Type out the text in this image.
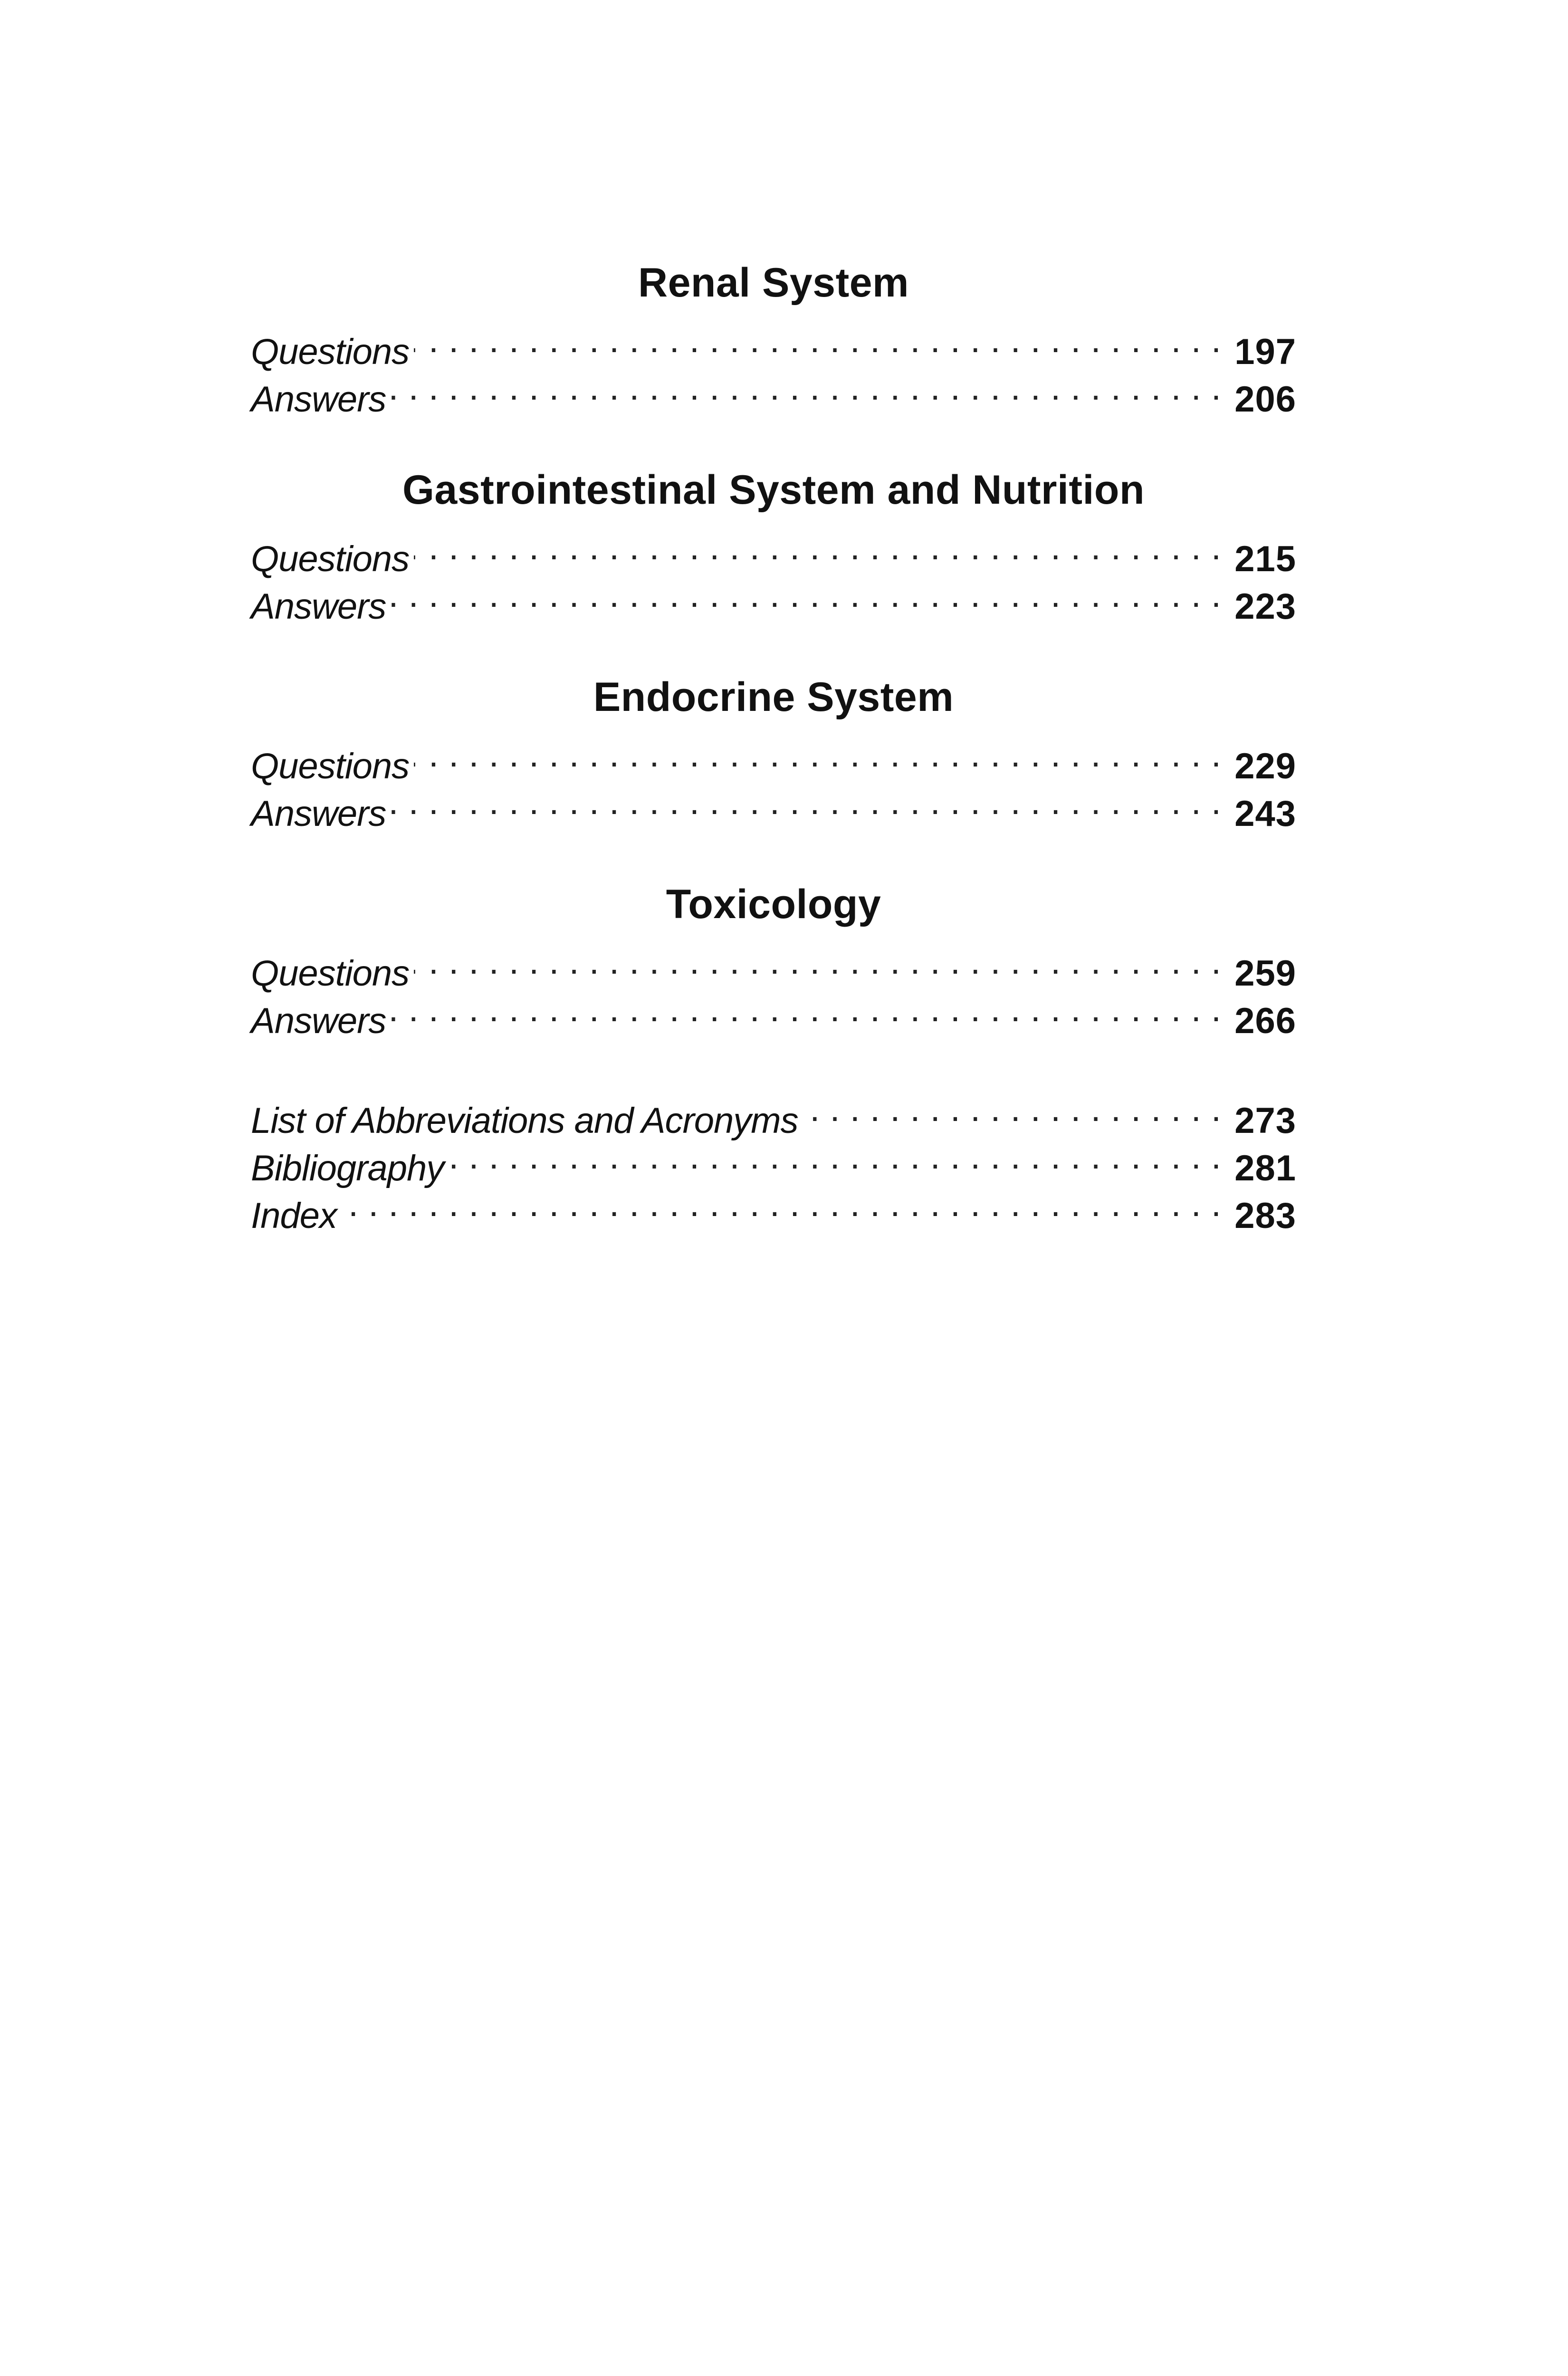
Renal System
Questions . . .	197
Answers . . .	206
Gastrointestinal System and Nutrition
Questions . . .	215
Answers . . .	223
Endocrine System
Questions . . .	229
Answers . . .	243
Toxicology
Questions . . .	259
Answers . . .	266
List of Abbreviations and Acronyms . . .	273
Bibliography . . .	281
Index . . .	283
